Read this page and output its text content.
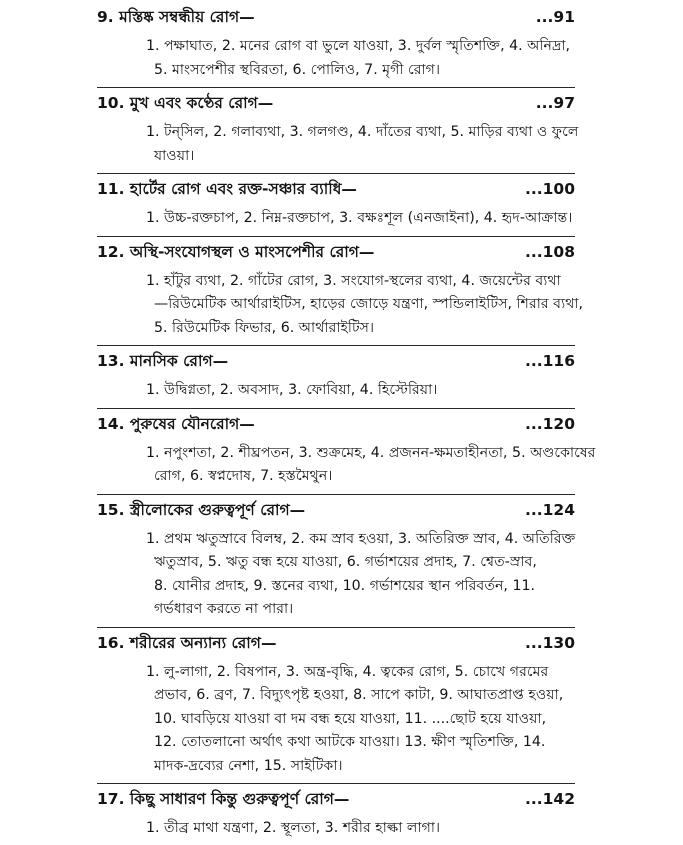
9. মস্তিষ্ক সম্বন্ধীয় রোগ—	...91
1. পক্ষাঘাত, 2. মনের রোগ বা ভুলে যাওয়া, 3. দুর্বল স্মৃতিশক্তি, 4. অনিদ্রা,
5. মাংসপেশীর স্থবিরতা, 6. পোলিও, 7. মৃগী রোগ।
10. মুখ এবং কণ্ঠের রোগ—	...97
1. টন্‌সিল, 2. গলাব্যথা, 3. গলগণ্ড, 4. দাঁতের ব্যথা, 5. মাড়ির ব্যথা ও ফুলে
যাওয়া।
11. হার্টের রোগ এবং রক্ত-সঞ্চার ব্যাধি—	...100
1. উচ্চ-রক্তচাপ, 2. নিম্ন-রক্তচাপ, 3. বক্ষঃশূল (এনজাইনা), 4. হৃদ-আক্রান্ত।
12. অস্থি-সংযোগস্থল ও মাংসপেশীর রোগ—	...108
1. হাঁটুর ব্যথা, 2. গাঁটের রোগ, 3. সংযোগ-স্থলের ব্যথা, 4. জয়েন্টের ব্যথা
—রিউমেটিক আর্থারাইটিস, হাড়ের জোড়ে যন্ত্রণা, স্পন্ডিলাইটিস, শিরার ব্যথা,
5. রিউমেটিক ফিভার, 6. আর্থারাইটিস।
13. মানসিক রোগ—	...116
1. উদ্বিগ্নতা, 2. অবসাদ, 3. ফোবিয়া, 4. হিস্টেরিয়া।
14. পুরুষের যৌনরোগ—	...120
1. নপুংশতা, 2. শীঘ্রপতন, 3. শুক্রমেহ, 4. প্রজনন-ক্ষমতাহীনতা, 5. অণ্ডকোষের
রোগ, 6. স্বপ্নদোষ, 7. হস্তমৈথুন।
15. স্ত্রীলোকের গুরুত্বপূর্ণ রোগ—	...124
1. প্রথম ঋতুস্রাবে বিলম্ব, 2. কম স্রাব হওয়া, 3. অতিরিক্ত স্রাব, 4. অতিরিক্ত
ঋতুস্রাব, 5. ঋতু বন্ধ হয়ে যাওয়া, 6. গর্ভাশয়ের প্রদাহ, 7. শ্বেত-স্রাব,
8. যোনীর প্রদাহ, 9. স্তনের ব্যথা, 10. গর্ভাশয়ের স্থান পরিবর্তন, 11.
গর্ভধারণ করতে না পারা।
16. শরীরের অন্যান্য রোগ—	...130
1. লু-লাগা, 2. বিষপান, 3. অন্ত্র-বৃদ্ধি, 4. ত্বকের রোগ, 5. চোখে গরমের
প্রভাব, 6. ব্রণ, 7. বিদ্যুৎপৃষ্ট হওয়া, 8. সাপে কাটা, 9. আঘাতপ্রাপ্ত হওয়া,
10. ঘাবড়িয়ে যাওয়া বা দম বন্ধ হয়ে যাওয়া, 11. ....ছোট হয়ে যাওয়া,
12. তোতলানো অর্থাৎ কথা আটকে যাওয়া। 13. ক্ষীণ স্মৃতিশক্তি, 14.
মাদক-দ্রব্যের নেশা, 15. সাইটিকা।
17. কিছু সাধারণ কিন্তু গুরুত্বপূর্ণ রোগ—	...142
1. তীব্র মাথা যন্ত্রণা, 2. স্থূলতা, 3. শরীর হাল্কা লাগা।
